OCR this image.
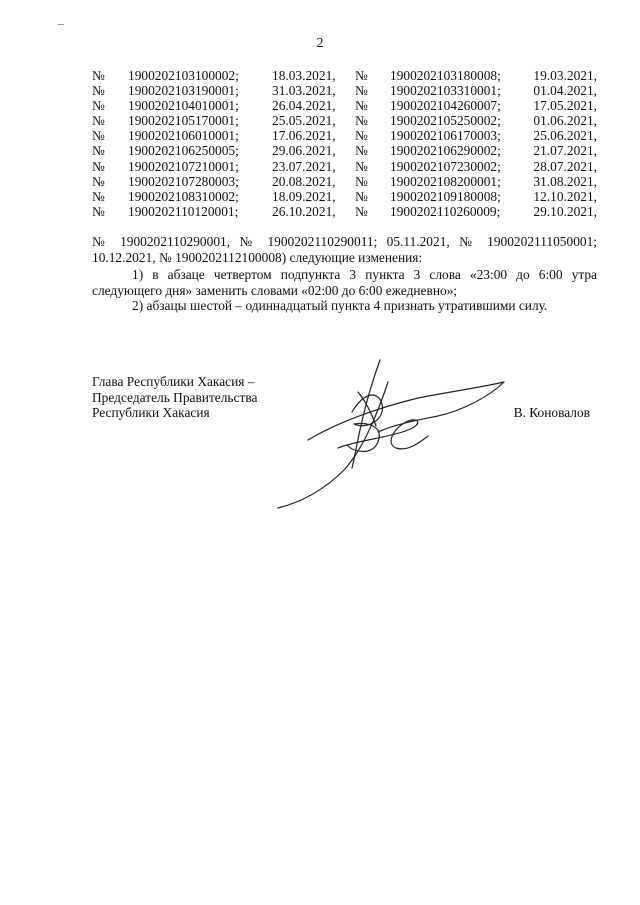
2
№ 1900202103100002; 18.03.2021, № 1900202103180008; 19.03.2021,
№ 1900202103190001; 31.03.2021, № 1900202103310001; 01.04.2021,
№ 1900202104010001; 26.04.2021, № 1900202104260007; 17.05.2021,
№ 1900202105170001; 25.05.2021, № 1900202105250002; 01.06.2021,
№ 1900202106010001; 17.06.2021, № 1900202106170003; 25.06.2021,
№ 1900202106250005; 29.06.2021, № 1900202106290002; 21.07.2021,
№ 1900202107210001; 23.07.2021, № 1900202107230002; 28.07.2021,
№ 1900202107280003; 20.08.2021, № 1900202108200001; 31.08.2021,
№ 1900202108310002; 18.09.2021, № 1900202109180008; 12.10.2021,
№ 1900202110120001;	26.10.2021, № 1900202110260009; 29.10.2021,
№ 1900202110290001, № 1900202110290011; 05.11.2021, № 1900202111050001; 10.12.2021, № 1900202112100008) следующие изменения:
1) в абзаце четвертом подпункта 3 пункта 3 слова «23:00 до 6:00 утра следующего дня» заменить словами «02:00 до 6:00 ежедневно»;
2) абзацы шестой – одиннадцатый пункта 4 признать утратившими силу.
Глава Республики Хакасия –
Председатель Правительства
Республики Хакасия	В. Коновалов
